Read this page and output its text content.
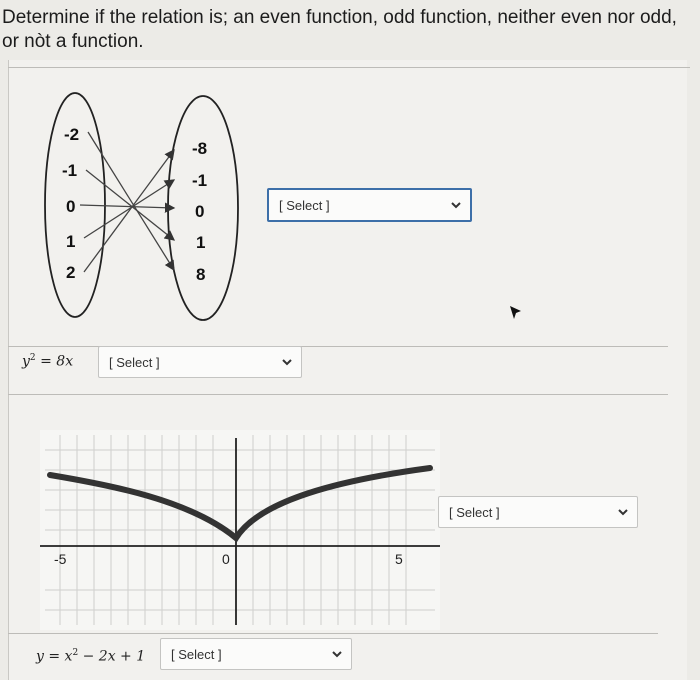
Determine if the relation is; an even function, odd function, neither even nor odd, or nòt a function.
-2
-1
0
1
2
-8
-1
0
1
8
[ Select ]
$y^2 = 8x$	[ Select ]
-5	0	5
[ Select ]
$y = x^2 - 2x + 1$ [ Select ]
